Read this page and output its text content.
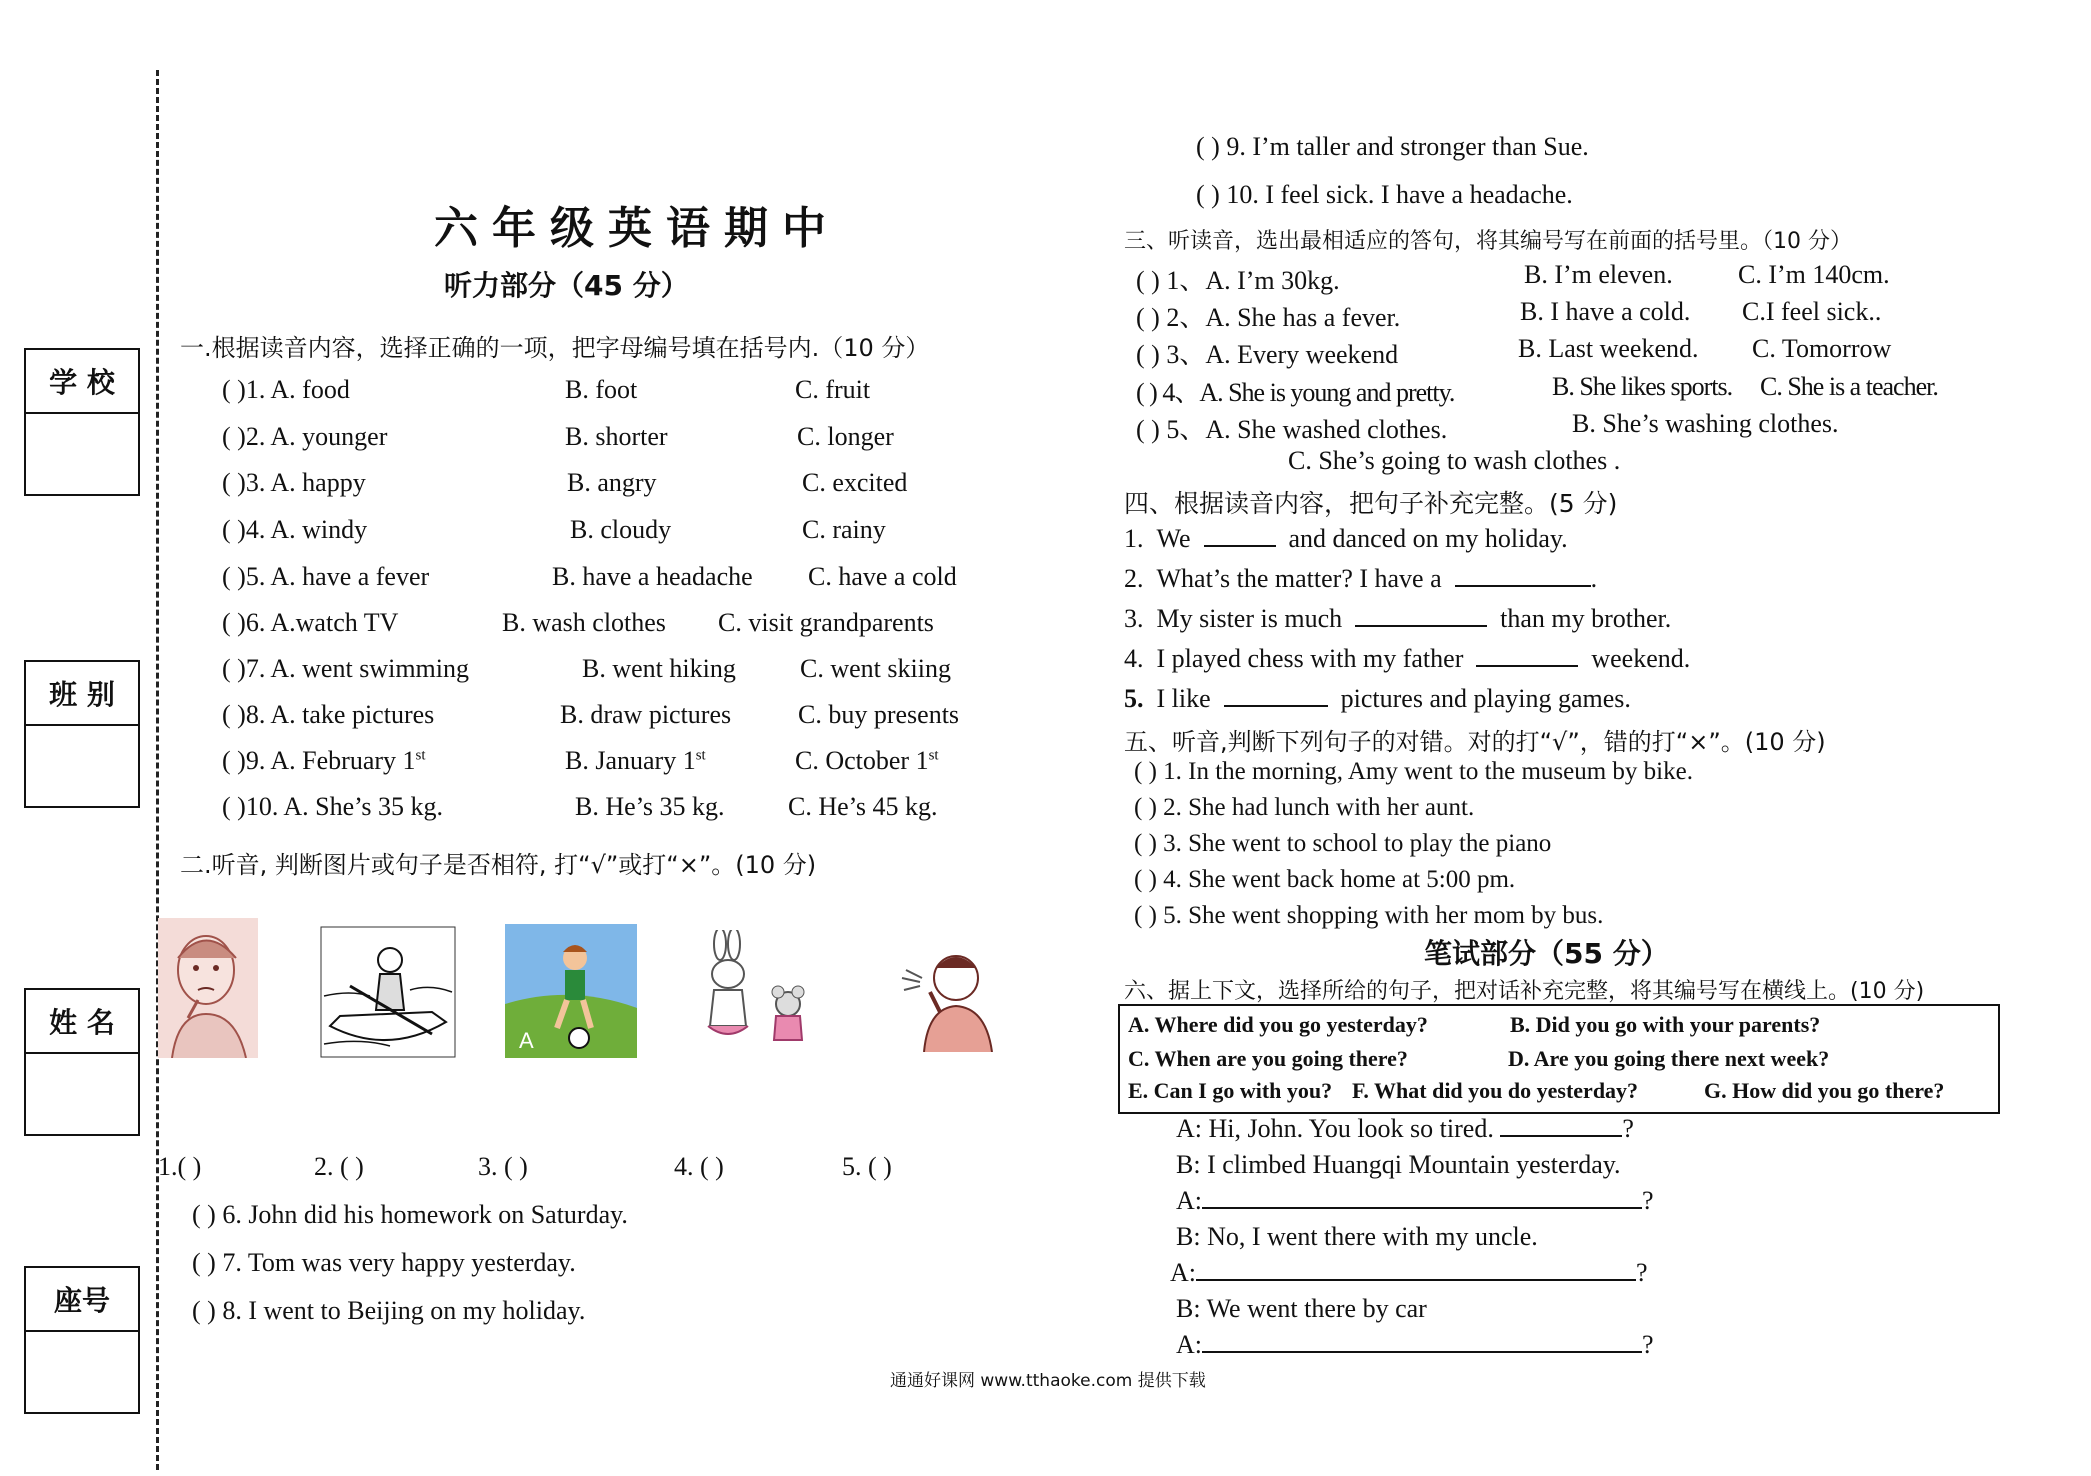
学 校
班 别
姓 名
座号
六年级英语期中
听力部分（45 分）
一.根据读音内容，选择正确的一项，把字母编号填在括号内.（10 分）
( )1. A. food	B. foot	C. fruit
( )2. A. younger	B. shorter	C. longer
( )3. A. happy	B. angry	C. excited
( )4. A. windy	B. cloudy	C. rainy
( )5. A. have a fever	B. have a headache C. have a cold
( )6. A.watch TV	B. wash clothes C. visit grandparents
( )7. A. went swimming	B. went hiking C. went skiing
( )8. A. take pictures	B. draw pictures	C. buy presents
( )9. A. February 1st	B. January 1st	C. October 1st
( )10. A. She’s 35 kg.	B. He’s 35 kg. C. He’s 45 kg.
二.听音, 判断图片或句子是否相符, 打“√”或打“×”。(10 分)
A
1.( )	2. ( )	3. ( )	4. ( )	5. ( )
( ) 6. John did his homework on Saturday.
( ) 7. Tom was very happy yesterday.
( ) 8. I went to Beijing on my holiday.
( ) 9. I’m taller and stronger than Sue.
( ) 10. I feel sick. I have a headache.
三、听读音，选出最相适应的答句，将其编号写在前面的括号里。（10 分）
( ) 1、A. I’m 30kg.	B. I’m eleven.	C. I’m 140cm.
( ) 2、A. She has a fever.	B. I have a cold. C.I feel sick..
( ) 3、A. Every weekend	B. Last weekend. C. Tomorrow
( ) 4、A. She is young and pretty.	B. She likes sports. C. She is a teacher.
( ) 5、A. She washed clothes.	B. She’s washing clothes.
C. She’s going to wash clothes .
四、根据读音内容，把句子补充完整。(5 分)
1. We	and danced on my holiday.
2. What’s the matter? I have a	.
3. My sister is much	than my brother.
4. I played chess with my father	weekend.
5. I like	pictures and playing games.
五、听音,判断下列句子的对错。对的打“√”，错的打“×”。(10 分)
( ) 1. In the morning, Amy went to the museum by bike.
( ) 2. She had lunch with her aunt.
( ) 3. She went to school to play the piano
( ) 4. She went back home at 5:00 pm.
( ) 5. She went shopping with her mom by bus.
笔试部分（55 分）
六、据上下文，选择所给的句子，把对话补充完整，将其编号写在横线上。(10 分)
A. Where did you go yesterday?	B. Did you go with your parents?
C. When are you going there?	D. Are you going there next week?
E. Can I go with you? F. What did you do yesterday?	G. How did you go there?
A: Hi, John. You look so tired.	?
B: I climbed Huangqi Mountain yesterday.
A:	?
B: No, I went there with my uncle.
A:	?
B: We went there by car
A:	?
通通好课网 www.tthaoke.com 提供下载
